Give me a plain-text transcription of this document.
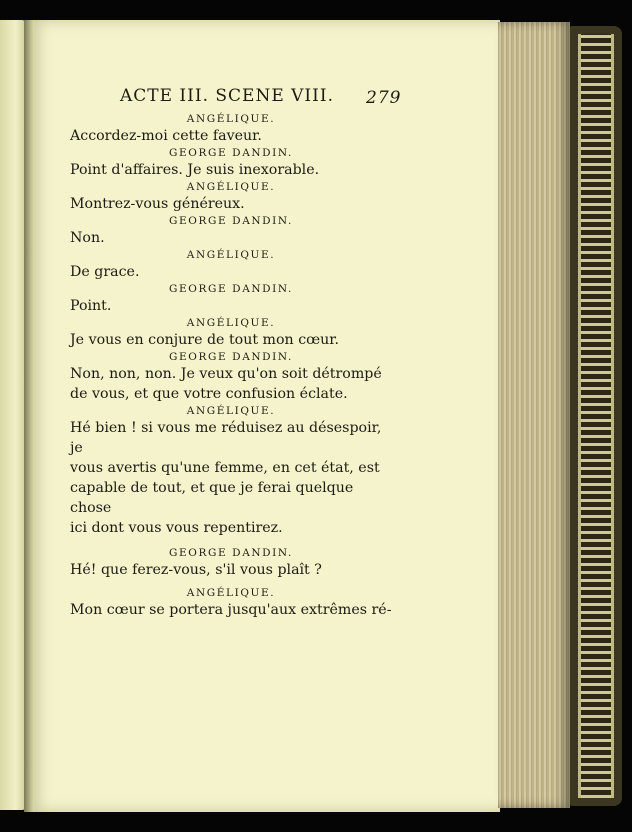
ACTE III. SCENE VIII. 279

ANGÉLIQUE.

Accordez-moi cette faveur.

GEORGE DANDIN.

Point d'affaires. Je suis inexorable.

ANGÉLIQUE.

Montrez-vous généreux.

GEORGE DANDIN.

Non.

ANGÉLIQUE.

De grace.

GEORGE DANDIN.

Point.

ANGÉLIQUE.

Je vous en conjure de tout mon cœur.

GEORGE DANDIN.

Non, non, non. Je veux qu'on soit détrompé

de vous, et que votre confusion éclate.

ANGÉLIQUE.

Hé bien ! si vous me réduisez au désespoir, je

vous avertis qu'une femme, en cet état, est

capable de tout, et que je ferai quelque chose

ici dont vous vous repentirez.

GEORGE DANDIN.

Hé! que ferez-vous, s'il vous plaît ?

ANGÉLIQUE.

Mon cœur se portera jusqu'aux extrêmes ré-
